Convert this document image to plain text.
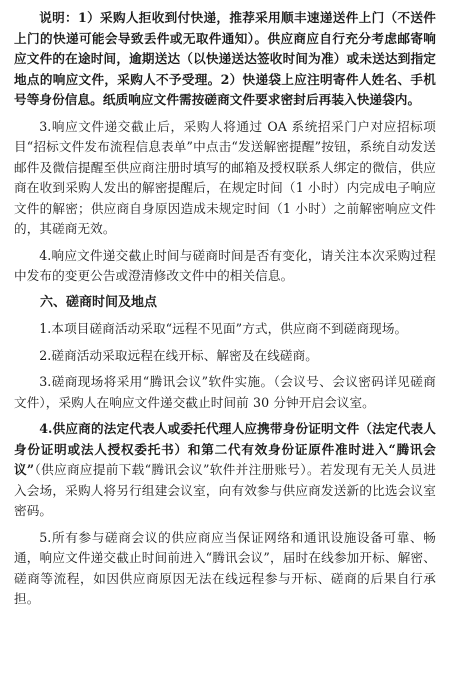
说明：1）采购人拒收到付快递，推荐采用顺丰速递送件上门（不送件上门的快递可能会导致丢件或无取件通知）。供应商应自行充分考虑邮寄响应文件的在途时间，逾期送达（以快递送达签收时间为准）或未送达到指定地点的响应文件，采购人不予受理。2）快递袋上应注明寄件人姓名、手机号等身份信息。纸质响应文件需按磋商文件要求密封后再装入快递袋内。

3.响应文件递交截止后，采购人将通过 OA 系统招采门户对应招标项目“招标文件发布流程信息表单”中点击“发送解密提醒”按钮，系统自动发送邮件及微信提醒至供应商注册时填写的邮箱及授权联系人绑定的微信，供应商在收到采购人发出的解密提醒后，在规定时间（1 小时）内完成电子响应文件的解密；供应商自身原因造成未规定时间（1 小时）之前解密响应文件的，其磋商无效。

4.响应文件递交截止时间与磋商时间是否有变化，请关注本次采购过程中发布的变更公告或澄清修改文件中的相关信息。

六、磋商时间及地点

1.本项目磋商活动采取“远程不见面”方式，供应商不到磋商现场。

2.磋商活动采取远程在线开标、解密及在线磋商。

3.磋商现场将采用“腾讯会议”软件实施。（会议号、会议密码详见磋商文件），采购人在响应文件递交截止时间前 30 分钟开启会议室。

4.供应商的法定代表人或委托代理人应携带身份证明文件（法定代表人身份证明或法人授权委托书）和第二代有效身份证原件准时进入“腾讯会议”（供应商应提前下载“腾讯会议”软件并注册账号）。若发现有无关人员进入会场，采购人将另行组建会议室，向有效参与供应商发送新的比选会议室密码。

5.所有参与磋商会议的供应商应当保证网络和通讯设施设备可靠、畅通，响应文件递交截止时间前进入“腾讯会议”，届时在线参加开标、解密、磋商等流程，如因供应商原因无法在线远程参与开标、磋商的后果自行承担。
